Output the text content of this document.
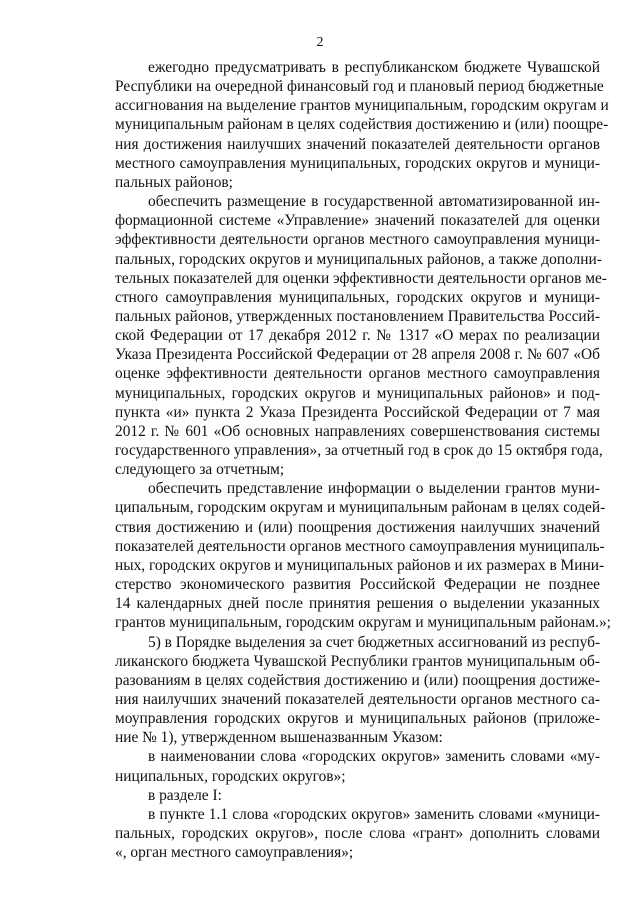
2
ежегодно предусматривать в республиканском бюджете Чувашской
Республики на очередной финансовый год и плановый период бюджетные
ассигнования на выделение грантов муниципальным, городским округам и
муниципальным районам в целях содействия достижению и (или) поощре-
ния достижения наилучших значений показателей деятельности органов
местного самоуправления муниципальных, городских округов и муници-
пальных районов;
обеспечить размещение в государственной автоматизированной ин-
формационной системе «Управление» значений показателей для оценки
эффективности деятельности органов местного самоуправления муници-
пальных, городских округов и муниципальных районов, а также дополни-
тельных показателей для оценки эффективности деятельности органов ме-
стного самоуправления муниципальных, городских округов и муници-
пальных районов, утвержденных постановлением Правительства Россий-
ской Федерации от 17 декабря 2012 г. № 1317 «О мерах по реализации
Указа Президента Российской Федерации от 28 апреля 2008 г. № 607 «Об
оценке эффективности деятельности органов местного самоуправления
муниципальных, городских округов и муниципальных районов» и под-
пункта «и» пункта 2 Указа Президента Российской Федерации от 7 мая
2012 г. № 601 «Об основных направлениях совершенствования системы
государственного управления», за отчетный год в срок до 15 октября года,
следующего за отчетным;
обеспечить представление информации о выделении грантов муни-
ципальным, городским округам и муниципальным районам в целях содей-
ствия достижению и (или) поощрения достижения наилучших значений
показателей деятельности органов местного самоуправления муниципаль-
ных, городских округов и муниципальных районов и их размерах в Мини-
стерство экономического развития Российской Федерации не позднее
14 календарных дней после принятия решения о выделении указанных
грантов муниципальным, городским округам и муниципальным районам.»;
5) в Порядке выделения за счет бюджетных ассигнований из респуб-
ликанского бюджета Чувашской Республики грантов муниципальным об-
разованиям в целях содействия достижению и (или) поощрения достиже-
ния наилучших значений показателей деятельности органов местного са-
моуправления городских округов и муниципальных районов (приложе-
ние № 1), утвержденном вышеназванным Указом:
в наименовании слова «городских округов» заменить словами «му-
ниципальных, городских округов»;
в разделе I:
в пункте 1.1 слова «городских округов» заменить словами «муници-
пальных, городских округов», после слова «грант» дополнить словами
«, орган местного самоуправления»;
